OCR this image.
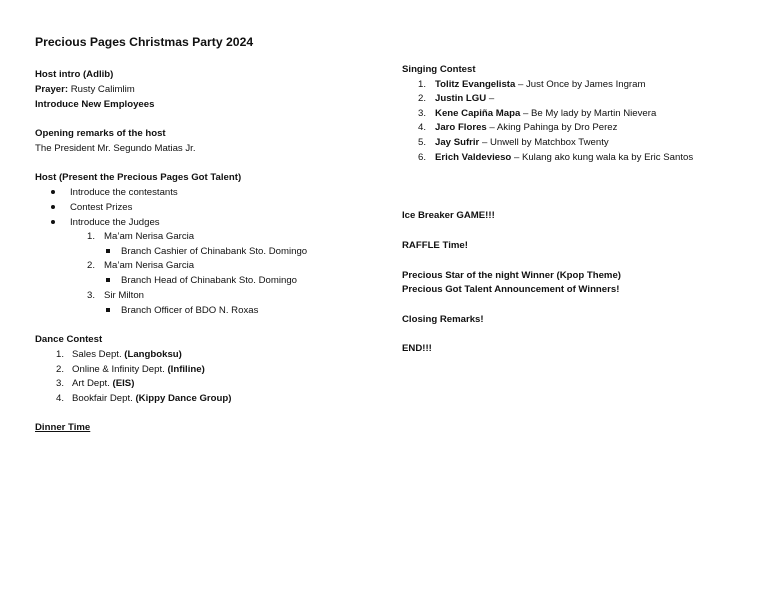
Precious Pages Christmas Party 2024
Host intro (Adlib)
Prayer: Rusty Calimlim
Introduce New Employees
Opening remarks of the host
The President Mr. Segundo Matias Jr.
Host (Present the Precious Pages Got Talent)
Introduce the contestants
Contest Prizes
Introduce the Judges
1. Ma’am Nerisa Garcia
Branch Cashier of Chinabank Sto. Domingo
2. Ma’am Nerisa Garcia
Branch Head of Chinabank Sto. Domingo
3. Sir Milton
Branch Officer of BDO N. Roxas
Dance Contest
1. Sales Dept. (Langboksu)
2. Online & Infinity Dept. (Infiline)
3. Art Dept. (EIS)
4. Bookfair Dept. (Kippy Dance Group)
Dinner Time
Singing Contest
1. Tolitz Evangelista – Just Once by James Ingram
2. Justin LGU –
3. Kene Capiña Mapa – Be My lady by Martin Nievera
4. Jaro Flores – Aking Pahinga by Dro Perez
5. Jay Sufrir – Unwell by Matchbox Twenty
6. Erich Valdevieso – Kulang ako kung wala ka by Eric Santos
Ice Breaker GAME!!!
RAFFLE Time!
Precious Star of the night Winner (Kpop Theme)
Precious Got Talent Announcement of Winners!
Closing Remarks!
END!!!
